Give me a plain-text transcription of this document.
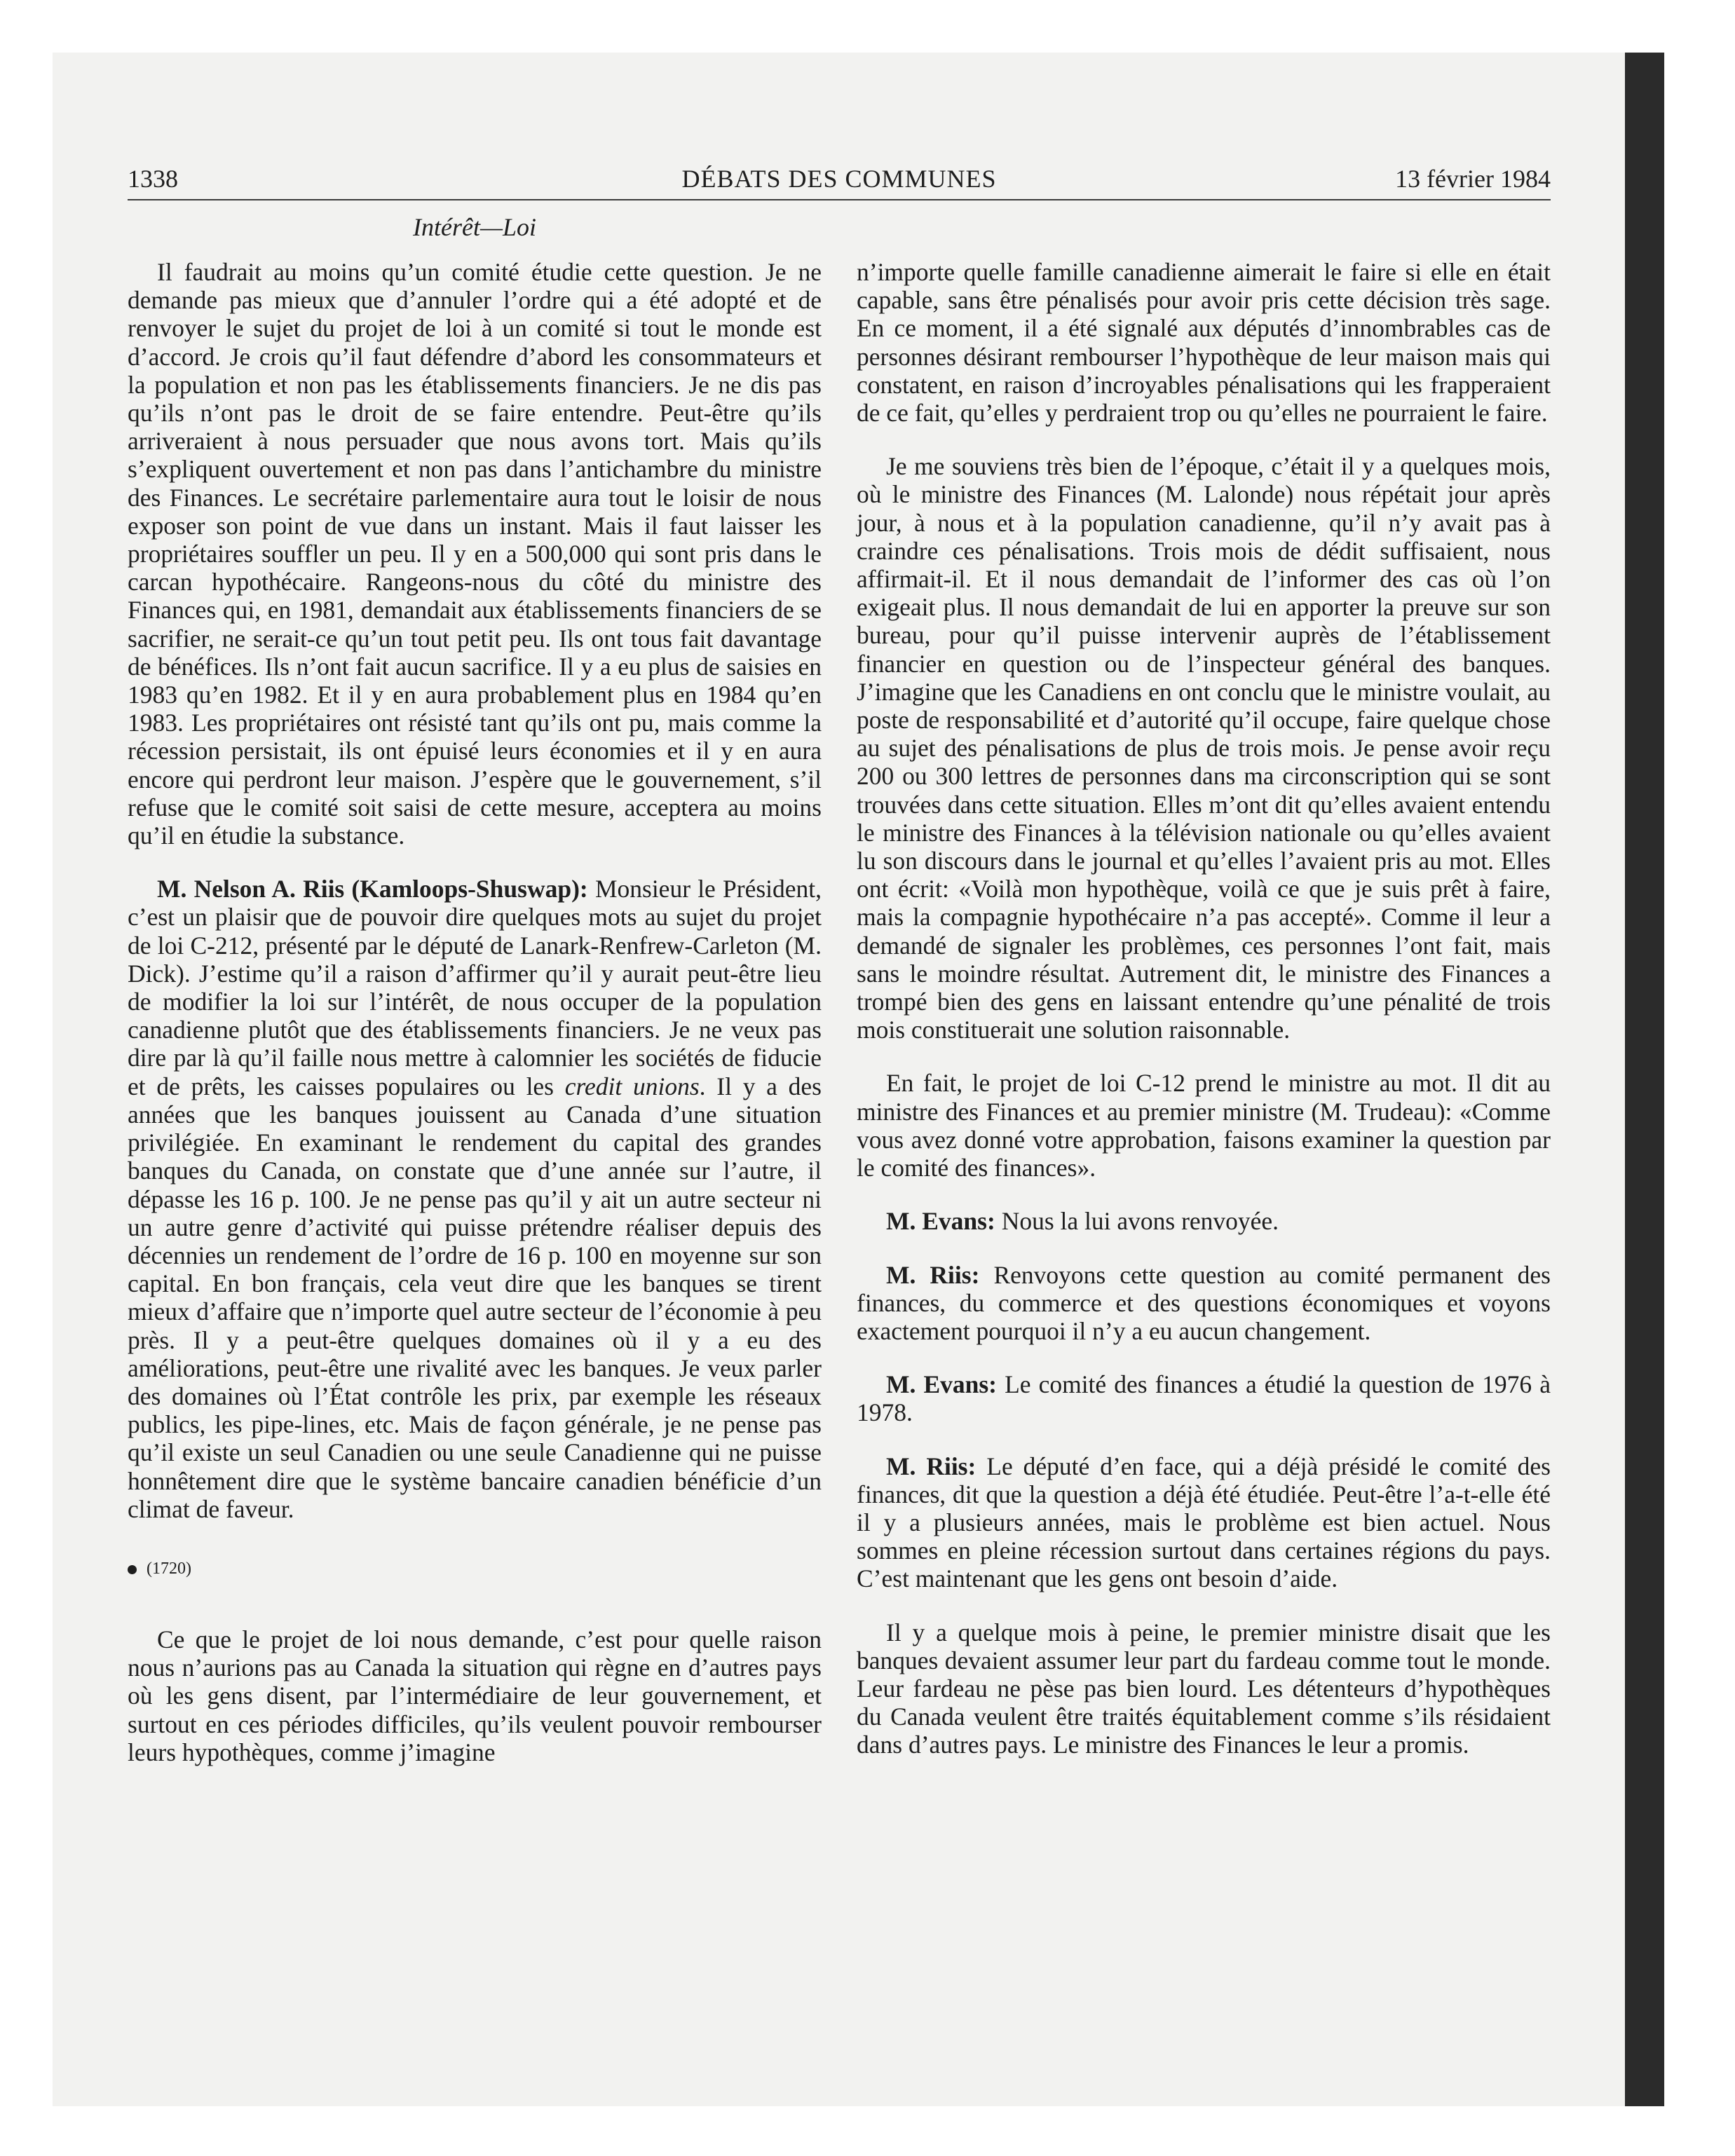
1338	DÉBATS DES COMMUNES	13 février 1984
Intérêt—Loi

Il faudrait au moins qu’un comité étudie cette question. Je ne demande pas mieux que d’annuler l’ordre qui a été adopté et de renvoyer le sujet du projet de loi à un comité si tout le monde est d’accord. Je crois qu’il faut défendre d’abord les consommateurs et la population et non pas les établissements financiers. Je ne dis pas qu’ils n’ont pas le droit de se faire entendre. Peut-être qu’ils arriveraient à nous persuader que nous avons tort. Mais qu’ils s’expliquent ouvertement et non pas dans l’antichambre du ministre des Finances. Le secrétaire parlementaire aura tout le loisir de nous exposer son point de vue dans un instant. Mais il faut laisser les propriétaires souffler un peu. Il y en a 500,000 qui sont pris dans le carcan hypothécaire. Rangeons-nous du côté du ministre des Finances qui, en 1981, demandait aux établissements financiers de se sacrifier, ne serait-ce qu’un tout petit peu. Ils ont tous fait davantage de bénéfices. Ils n’ont fait aucun sacrifice. Il y a eu plus de saisies en 1983 qu’en 1982. Et il y en aura probablement plus en 1984 qu’en 1983. Les propriétaires ont résisté tant qu’ils ont pu, mais comme la récession persistait, ils ont épuisé leurs économies et il y en aura encore qui perdront leur maison. J’espère que le gouvernement, s’il refuse que le comité soit saisi de cette mesure, acceptera au moins qu’il en étudie la substance.

M. Nelson A. Riis (Kamloops-Shuswap): Monsieur le Président, c’est un plaisir que de pouvoir dire quelques mots au sujet du projet de loi C-212, présenté par le député de Lanark-Renfrew-Carleton (M. Dick). J’estime qu’il a raison d’affirmer qu’il y aurait peut-être lieu de modifier la loi sur l’intérêt, de nous occuper de la population canadienne plutôt que des établissements financiers. Je ne veux pas dire par là qu’il faille nous mettre à calomnier les sociétés de fiducie et de prêts, les caisses populaires ou les credit unions. Il y a des années que les banques jouissent au Canada d’une situation privilégiée. En examinant le rendement du capital des grandes banques du Canada, on constate que d’une année sur l’autre, il dépasse les 16 p. 100. Je ne pense pas qu’il y ait un autre secteur ni un autre genre d’activité qui puisse prétendre réaliser depuis des décennies un rendement de l’ordre de 16 p. 100 en moyenne sur son capital. En bon français, cela veut dire que les banques se tirent mieux d’affaire que n’importe quel autre secteur de l’économie à peu près. Il y a peut-être quelques domaines où il y a eu des améliorations, peut-être une rivalité avec les banques. Je veux parler des domaines où l’État contrôle les prix, par exemple les réseaux publics, les pipe-lines, etc. Mais de façon générale, je ne pense pas qu’il existe un seul Canadien ou une seule Canadienne qui ne puisse honnêtement dire que le système bancaire canadien bénéficie d’un climat de faveur.

(1720)

Ce que le projet de loi nous demande, c’est pour quelle raison nous n’aurions pas au Canada la situation qui règne en d’autres pays où les gens disent, par l’intermédiaire de leur gouvernement, et surtout en ces périodes difficiles, qu’ils veulent pouvoir rembourser leurs hypothèques, comme j’imagine

n’importe quelle famille canadienne aimerait le faire si elle en était capable, sans être pénalisés pour avoir pris cette décision très sage. En ce moment, il a été signalé aux députés d’innombrables cas de personnes désirant rembourser l’hypothèque de leur maison mais qui constatent, en raison d’incroyables pénalisations qui les frapperaient de ce fait, qu’elles y perdraient trop ou qu’elles ne pourraient le faire.

Je me souviens très bien de l’époque, c’était il y a quelques mois, où le ministre des Finances (M. Lalonde) nous répétait jour après jour, à nous et à la population canadienne, qu’il n’y avait pas à craindre ces pénalisations. Trois mois de dédit suffisaient, nous affirmait-il. Et il nous demandait de l’informer des cas où l’on exigeait plus. Il nous demandait de lui en apporter la preuve sur son bureau, pour qu’il puisse intervenir auprès de l’établissement financier en question ou de l’inspecteur général des banques. J’imagine que les Canadiens en ont conclu que le ministre voulait, au poste de responsabilité et d’autorité qu’il occupe, faire quelque chose au sujet des pénalisations de plus de trois mois. Je pense avoir reçu 200 ou 300 lettres de personnes dans ma circonscription qui se sont trouvées dans cette situation. Elles m’ont dit qu’elles avaient entendu le ministre des Finances à la télévision nationale ou qu’elles avaient lu son discours dans le journal et qu’elles l’avaient pris au mot. Elles ont écrit: «Voilà mon hypothèque, voilà ce que je suis prêt à faire, mais la compagnie hypothécaire n’a pas accepté». Comme il leur a demandé de signaler les problèmes, ces personnes l’ont fait, mais sans le moindre résultat. Autrement dit, le ministre des Finances a trompé bien des gens en laissant entendre qu’une pénalité de trois mois constituerait une solution raisonnable.

En fait, le projet de loi C-12 prend le ministre au mot. Il dit au ministre des Finances et au premier ministre (M. Trudeau): «Comme vous avez donné votre approbation, faisons examiner la question par le comité des finances».

M. Evans: Nous la lui avons renvoyée.

M. Riis: Renvoyons cette question au comité permanent des finances, du commerce et des questions économiques et voyons exactement pourquoi il n’y a eu aucun changement.

M. Evans: Le comité des finances a étudié la question de 1976 à 1978.

M. Riis: Le député d’en face, qui a déjà présidé le comité des finances, dit que la question a déjà été étudiée. Peut-être l’a-t-elle été il y a plusieurs années, mais le problème est bien actuel. Nous sommes en pleine récession surtout dans certaines régions du pays. C’est maintenant que les gens ont besoin d’aide.

Il y a quelque mois à peine, le premier ministre disait que les banques devaient assumer leur part du fardeau comme tout le monde. Leur fardeau ne pèse pas bien lourd. Les détenteurs d’hypothèques du Canada veulent être traités équitablement comme s’ils résidaient dans d’autres pays. Le ministre des Finances le leur a promis.
